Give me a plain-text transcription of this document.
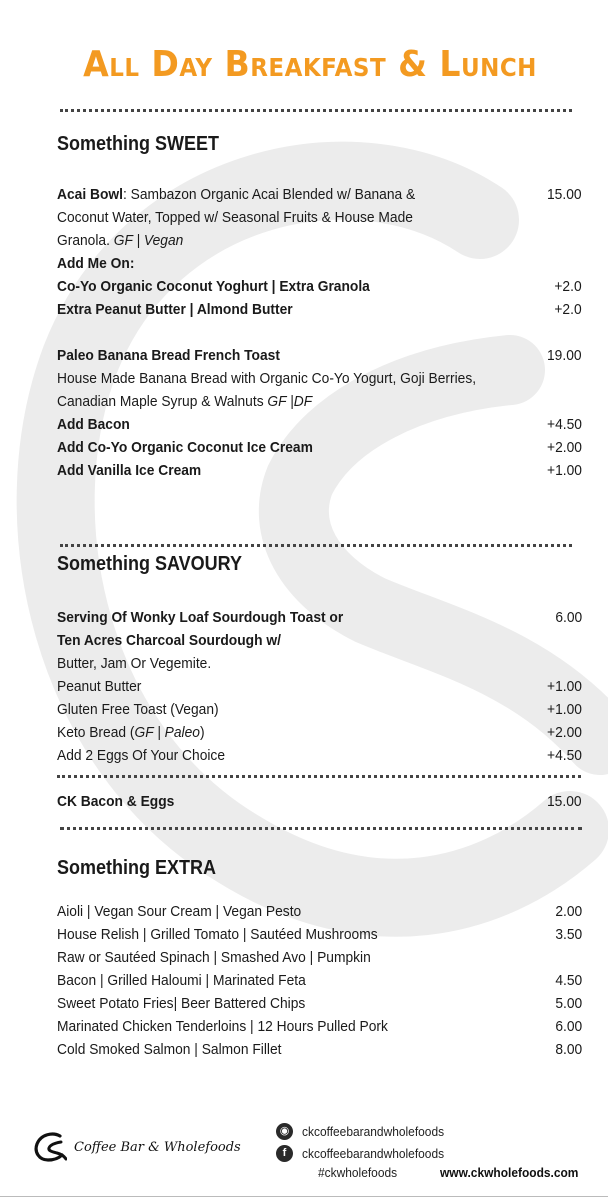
All Day Breakfast & Lunch
Something SWEET
Acai Bowl: Sambazon Organic Acai Blended w/ Banana &	15.00
Coconut Water, Topped w/ Seasonal Fruits & House Made
Granola. GF | Vegan
Add Me On:
Co-Yo Organic Coconut Yoghurt | Extra Granola	+2.0
Extra Peanut Butter | Almond Butter	+2.0
Paleo Banana Bread French Toast	19.00
House Made Banana Bread with Organic Co-Yo Yogurt, Goji Berries,
Canadian Maple Syrup & Walnuts GF |DF
Add Bacon	+4.50
Add Co-Yo Organic Coconut Ice Cream	+2.00
Add Vanilla Ice Cream	+1.00
Something SAVOURY
Serving Of Wonky Loaf Sourdough Toast or	6.00
Ten Acres Charcoal Sourdough w/
Butter, Jam Or Vegemite.
Peanut Butter	+1.00
Gluten Free Toast (Vegan)	+1.00
Keto Bread (GF | Paleo)	+2.00
Add 2 Eggs Of Your Choice	+4.50
CK Bacon & Eggs	15.00
Something EXTRA
Aioli | Vegan Sour Cream | Vegan Pesto	2.00
House Relish | Grilled Tomato | Sautéed Mushrooms	3.50
Raw or Sautéed Spinach | Smashed Avo | Pumpkin
Bacon | Grilled Haloumi | Marinated Feta	4.50
Sweet Potato Fries| Beer Battered Chips	5.00
Marinated Chicken Tenderloins | 12 Hours Pulled Pork	6.00
Cold Smoked Salmon | Salmon Fillet	8.00
Coffee Bar & Wholefoods
◉ ckcoffeebarandwholefoods
f	ckcoffeebarandwholefoods
#ckwholefoods	www.ckwholefoods.com
